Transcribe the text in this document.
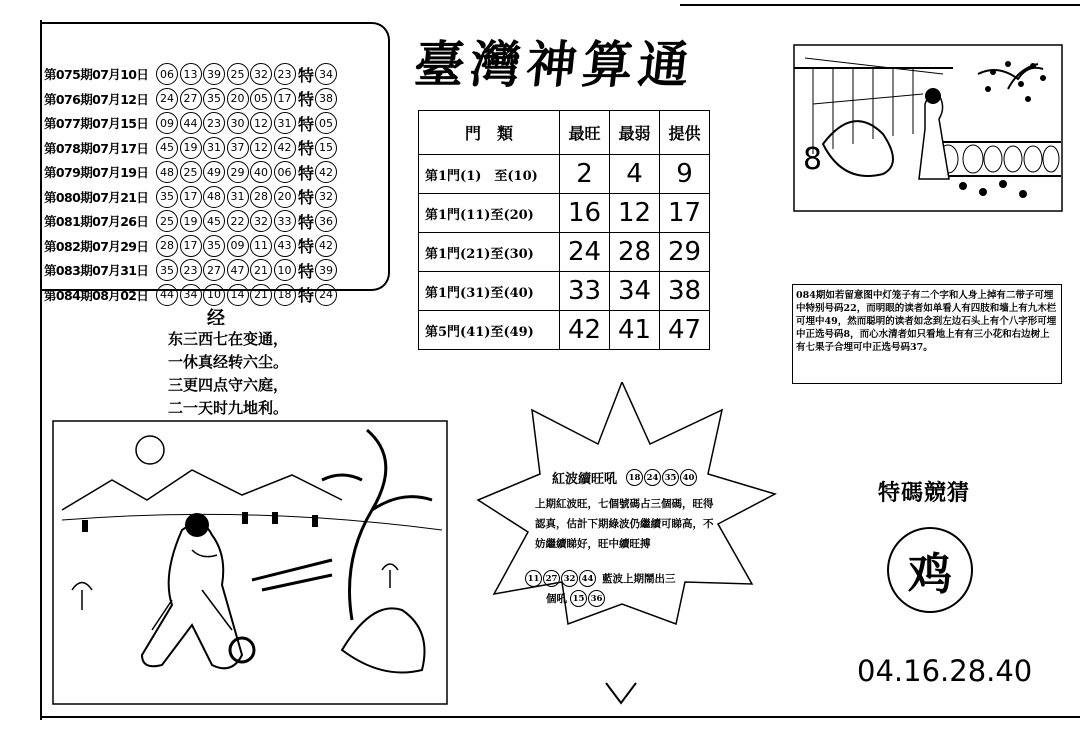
第075期07月10日	06 13 39 25 32 23 特 34
第076期07月12日	24 27 35 20 05 17 特 38
第077期07月15日	09 44 23 30 12 31 特 05
第078期07月17日	45 19 31 37 12 42 特 15
第079期07月19日	48 25 49 29 40 06 特 42
第080期07月21日	35 17 48 31 28 20 特 32
第081期07月26日	25 19 45 22 32 33 特 36
第082期07月29日	28 17 35 09 11 43 特 42
第083期07月31日	35 23 27 47 21 10 特 39
第084期08月02日	44 34 10 14 21 18 特 24
臺灣神算通
門　類	最旺	最弱	提供
第1門(1)　至(10)	2	4	9
第1門(11)至(20)	16	12	17
第1門(21)至(30)	24	28	29
第1門(31)至(40)	33	34	38
第5門(41)至(49)	42	41	47
经
东三西七在变通，
一休真经转六尘。
三更四点守六庭，
二一天时九地利。
8
084期如若留意图中灯笼子有二个字和人身上掉有二带子可埋中特别号码22，而明眼的读者如单看人有四肢和墙上有九木栏可埋中49，然而聪明的读者如念到左边石头上有个八字形可埋中正选号码8，而心水清者如只看地上有有三小花和右边树上有七果子合埋可中正选号码37。
紅波續旺吼	18 24 35 40
上期紅波旺，七個號碼占三個碼，旺得認真，估計下期綠波仍繼續可睇高，不妨繼續睇好，旺中續旺搏
藍波上期鬧出三
11 27 32 44
個吼 15 36
特碼競猜
鸡
04.16.28.40
